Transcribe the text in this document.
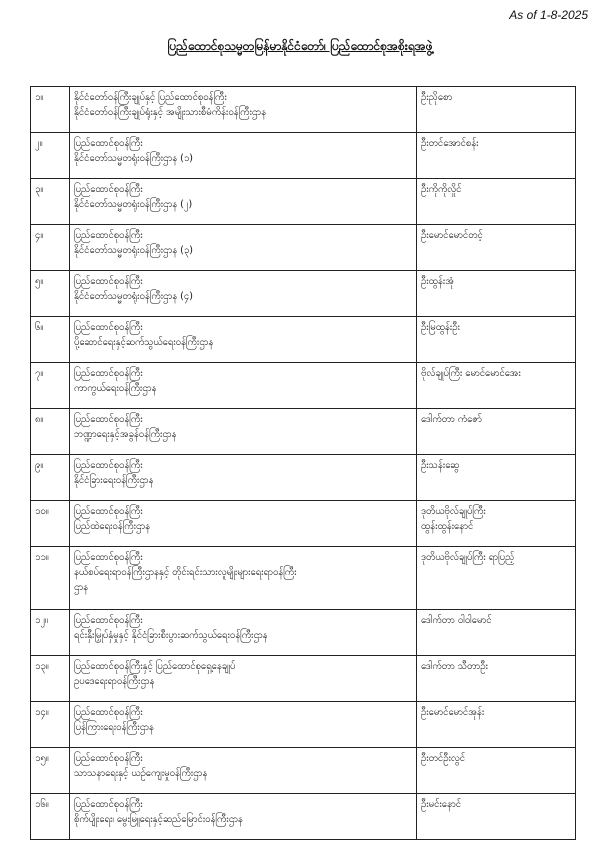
As of 1-8-2025
ပြည်ထောင်စုသမ္မတမြန်မာနိုင်ငံတော်၊ ပြည်ထောင်စုအစိုးရအဖွဲ့
၁။	နိုင်ငံတော်ဝန်ကြီးချုပ်နှင့် ပြည်ထောင်စုဝန်ကြီး
နိုင်ငံတော်ဝန်ကြီးချုပ်ရုံးနှင့် အမျိုးသားစီမံကိန်းဝန်ကြီးဌာန	ဦးညိုစော

၂။	ပြည်ထောင်စုဝန်ကြီး
နိုင်ငံတော်သမ္မတရုံးဝန်ကြီးဌာန (၁)	ဦးတင်အောင်စန်း

၃။	ပြည်ထောင်စုဝန်ကြီး
နိုင်ငံတော်သမ္မတရုံးဝန်ကြီးဌာန (၂)	ဦးကိုကိုလှိုင်

၄။	ပြည်ထောင်စုဝန်ကြီး
နိုင်ငံတော်သမ္မတရုံးဝန်ကြီးဌာန (၃)	ဦးမောင်မောင်တင့်

၅။	ပြည်ထောင်စုဝန်ကြီး
နိုင်ငံတော်သမ္မတရုံးဝန်ကြီးဌာန (၄)	ဦးထွန်းအုံ

၆။	ပြည်ထောင်စုဝန်ကြီး
ပို့ဆောင်ရေးနှင့်ဆက်သွယ်ရေးဝန်ကြီးဌာန	ဦးမြထွန်းဦး

၇။	ပြည်ထောင်စုဝန်ကြီး
ကာကွယ်ရေးဝန်ကြီးဌာန	ဗိုလ်ချုပ်ကြီး မောင်မောင်အေး

၈။	ပြည်ထောင်စုဝန်ကြီး
ဘဏ္ဍာရေးနှင့်အခွန်ဝန်ကြီးဌာန	ဒေါက်တာ ကံဇော်

၉။	ပြည်ထောင်စုဝန်ကြီး
နိုင်ငံခြားရေးဝန်ကြီးဌာန	ဦးသန်းဆွေ

၁၀။	ပြည်ထောင်စုဝန်ကြီး
ပြည်ထဲရေးဝန်ကြီးဌာန	ဒုတိယဗိုလ်ချုပ်ကြီး
ထွန်းထွန်းနောင်

၁၁။	ပြည်ထောင်စုဝန်ကြီး
နယ်စပ်ရေးရာဝန်ကြီးဌာနနှင့် တိုင်းရင်းသားလူမျိုးများရေးရာဝန်ကြီး
ဌာန	ဒုတိယဗိုလ်ချုပ်ကြီး ရာပြည့်

၁၂။	ပြည်ထောင်စုဝန်ကြီး
ရင်းနှီးမြှုပ်နှံမှုနှင့် နိုင်ငံခြားစီးပွားဆက်သွယ်ရေးဝန်ကြီးဌာန	ဒေါက်တာ ဝါဝါမောင်

၁၃။	ပြည်ထောင်စုဝန်ကြီးနှင့် ပြည်ထောင်စုရှေ့နေချုပ်
ဥပဒေရေးရာဝန်ကြီးဌာန	ဒေါက်တာ သီတာဦး

၁၄။	ပြည်ထောင်စုဝန်ကြီး
ပြန်ကြားရေးဝန်ကြီးဌာန	ဦးမောင်မောင်အုန်း

၁၅။	ပြည်ထောင်စုဝန်ကြီး
သာသနာရေးနှင့် ယဉ်ကျေးမှုဝန်ကြီးဌာန	ဦးတင်ဦးလွင်

၁၆။	ပြည်ထောင်စုဝန်ကြီး
စိုက်ပျိုးရေး၊ မွေးမြူရေးနှင့်ဆည်မြောင်းဝန်ကြီးဌာန	ဦးမင်းနောင်
